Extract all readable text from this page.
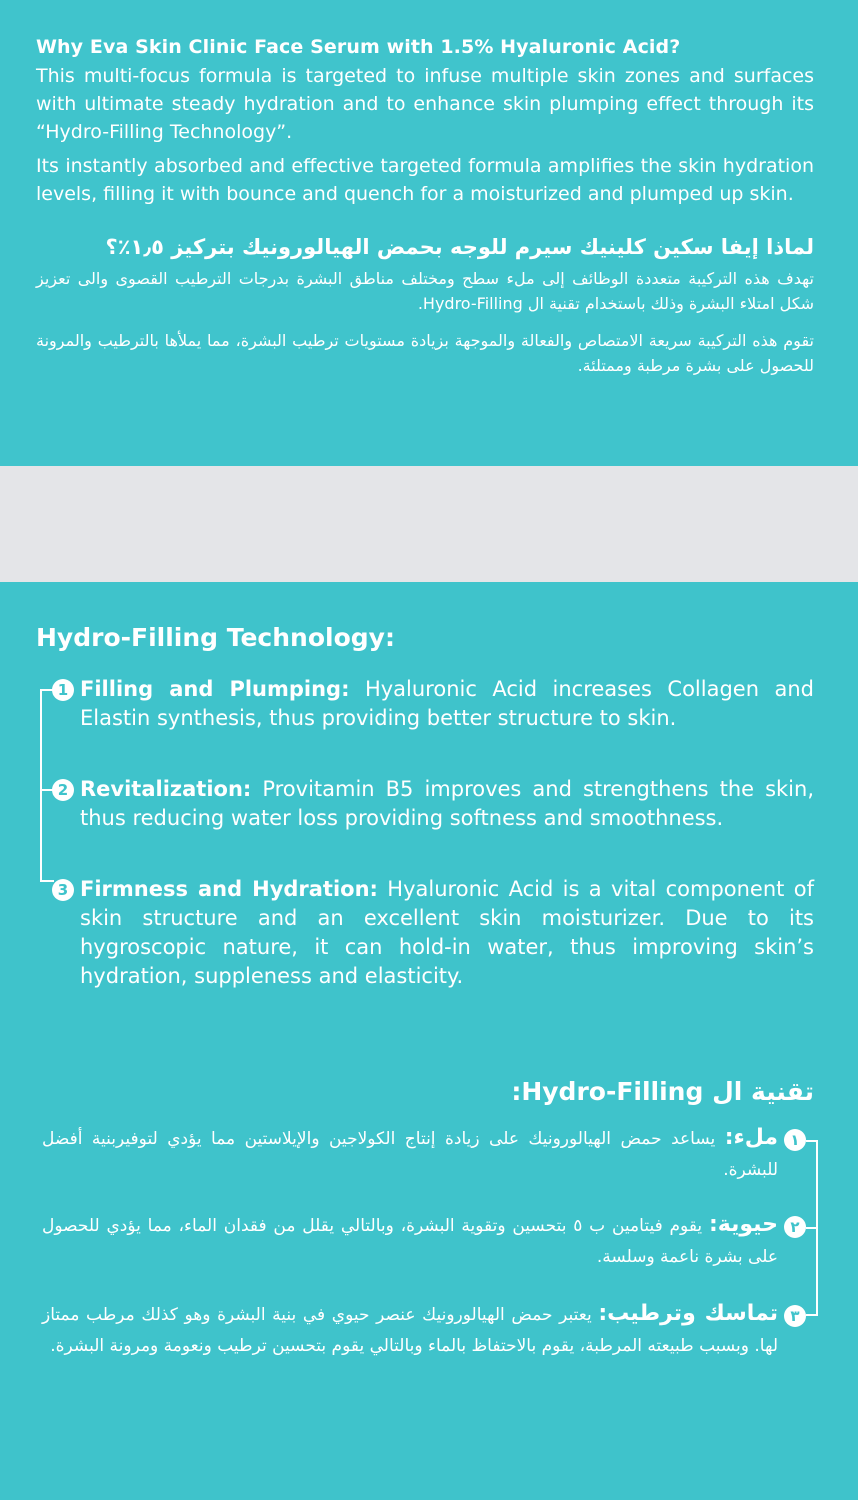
Why Eva Skin Clinic Face Serum with 1.5% Hyaluronic Acid?

This multi-focus formula is targeted to infuse multiple skin zones and surfaces with ultimate steady hydration and to enhance skin plumping effect through its “Hydro-Filling Technology”.

Its instantly absorbed and effective targeted formula amplifies the skin hydration levels, filling it with bounce and quench for a moisturized and plumped up skin.

لماذا إيفا سكين كلينيك سيرم للوجه بحمض الهيالورونيك بتركيز ١٫٥٪؟

تهدف هذه التركيبة متعددة الوظائف إلى ملء سطح ومختلف مناطق البشرة بدرجات الترطيب القصوى والى تعزيز شكل امتلاء البشرة وذلك باستخدام تقنية ال Hydro-Filling.

تقوم هذه التركيبة سريعة الامتصاص والفعالة والموجهة بزيادة مستويات ترطيب البشرة، مما يملأها بالترطيب والمرونة للحصول على بشرة مرطبة وممتلئة.

Hydro-Filling Technology:
1 Filling and Plumping: Hyaluronic Acid increases Collagen and Elastin synthesis, thus providing better structure to skin.
2 Revitalization: Provitamin B5 improves and strengthens the skin, thus reducing water loss providing softness and smoothness.
3 Firmness and Hydration: Hyaluronic Acid is a vital component of skin structure and an excellent skin moisturizer. Due to its hygroscopic nature, it can hold-in water, thus improving skin’s hydration, suppleness and elasticity.
تقنية ال Hydro-Filling:
١
ملء: يساعد حمض الهيالورونيك على زيادة إنتاج الكولاجين والإيلاستين مما يؤدي لتوفيربنية أفضل للبشرة.
٢
حيوية: يقوم فيتامين ب ٥ بتحسين وتقوية البشرة، وبالتالي يقلل من فقدان الماء، مما يؤدي للحصول على بشرة ناعمة وسلسة.
٣
تماسك وترطيب: يعتبر حمض الهيالورونيك عنصر حيوي في بنية البشرة وهو كذلك مرطب ممتاز لها. وبسبب طبيعته المرطبة، يقوم بالاحتفاظ بالماء وبالتالي يقوم بتحسين ترطيب ونعومة ومرونة البشرة.
